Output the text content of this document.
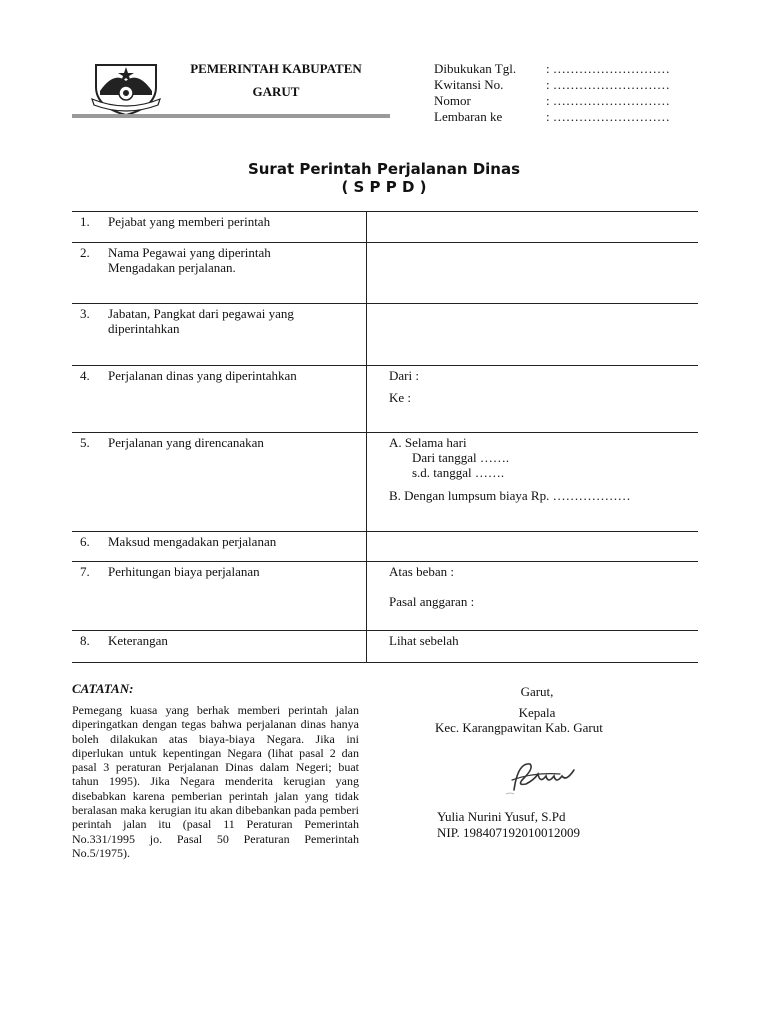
PEMERINTAH KABUPATEN
GARUT
Dibukukan Tgl. : ………………………
Kwitansi No.	: ………………………
Nomor	: ………………………
Lembaran ke	: ………………………
Surat Perintah Perjalanan Dinas
( S P P D )
1. Pejabat yang memberi perintah
2. Nama Pegawai yang diperintah
Mengadakan perjalanan.
3. Jabatan, Pangkat dari pegawai yang
diperintahkan
4. Perjalanan dinas yang diperintahkan	Dari :
Ke :
5. Perjalanan yang direncanakan	A. Selama hari
Dari tanggal …….
s.d. tanggal …….
B. Dengan lumpsum biaya Rp. ………………
6. Maksud mengadakan perjalanan
7. Perhitungan biaya perjalanan	Atas beban :
Pasal anggaran :
8. Keterangan	Lihat sebelah
CATATAN:
Pemegang kuasa yang berhak memberi perintah jalan diperingatkan dengan tegas bahwa perjalanan dinas hanya boleh dilakukan atas biaya-biaya Negara. Jika ini diperlukan untuk kepentingan Negara (lihat pasal 2 dan pasal 3 peraturan Perjalanan Dinas dalam Negeri; buat tahun 1995). Jika Negara menderita kerugian yang disebabkan karena pemberian perintah jalan yang tidak beralasan maka kerugian itu akan dibebankan pada pemberi perintah jalan itu (pasal 11 Peraturan Pemerintah No.331/1995 jo. Pasal 50 Peraturan Pemerintah No.5/1975).
Garut,
Kepala
Kec. Karangpawitan Kab. Garut
Yulia Nurini Yusuf, S.Pd
NIP. 198407192010012009
